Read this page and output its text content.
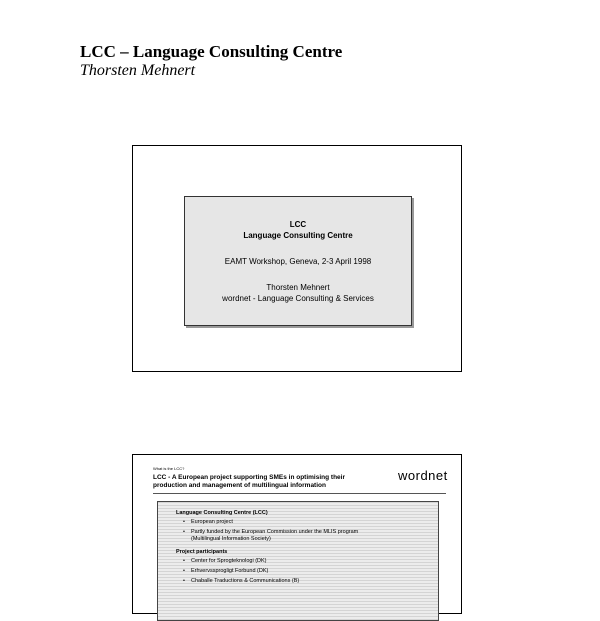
LCC – Language Consulting Centre

Thorsten Mehnert

LCC
Language Consulting Centre
EAMT Workshop, Geneva, 2-3 April 1998
Thorsten Mehnert
wordnet - Language Consulting & Services
What is the LCC?
LCC - A European project supporting SMEs in optimising their
production and management of multilingual information
wordnet
Language Consulting Centre (LCC)
• European project
• Partly funded by the European Commission under the MLIS program
(Multilingual Information Society)
Project participants
• Center for Sprogteknologi (DK)
• Erhvervssprogligt Forbund (DK)
• Chaballe Traductions & Communications (B)
